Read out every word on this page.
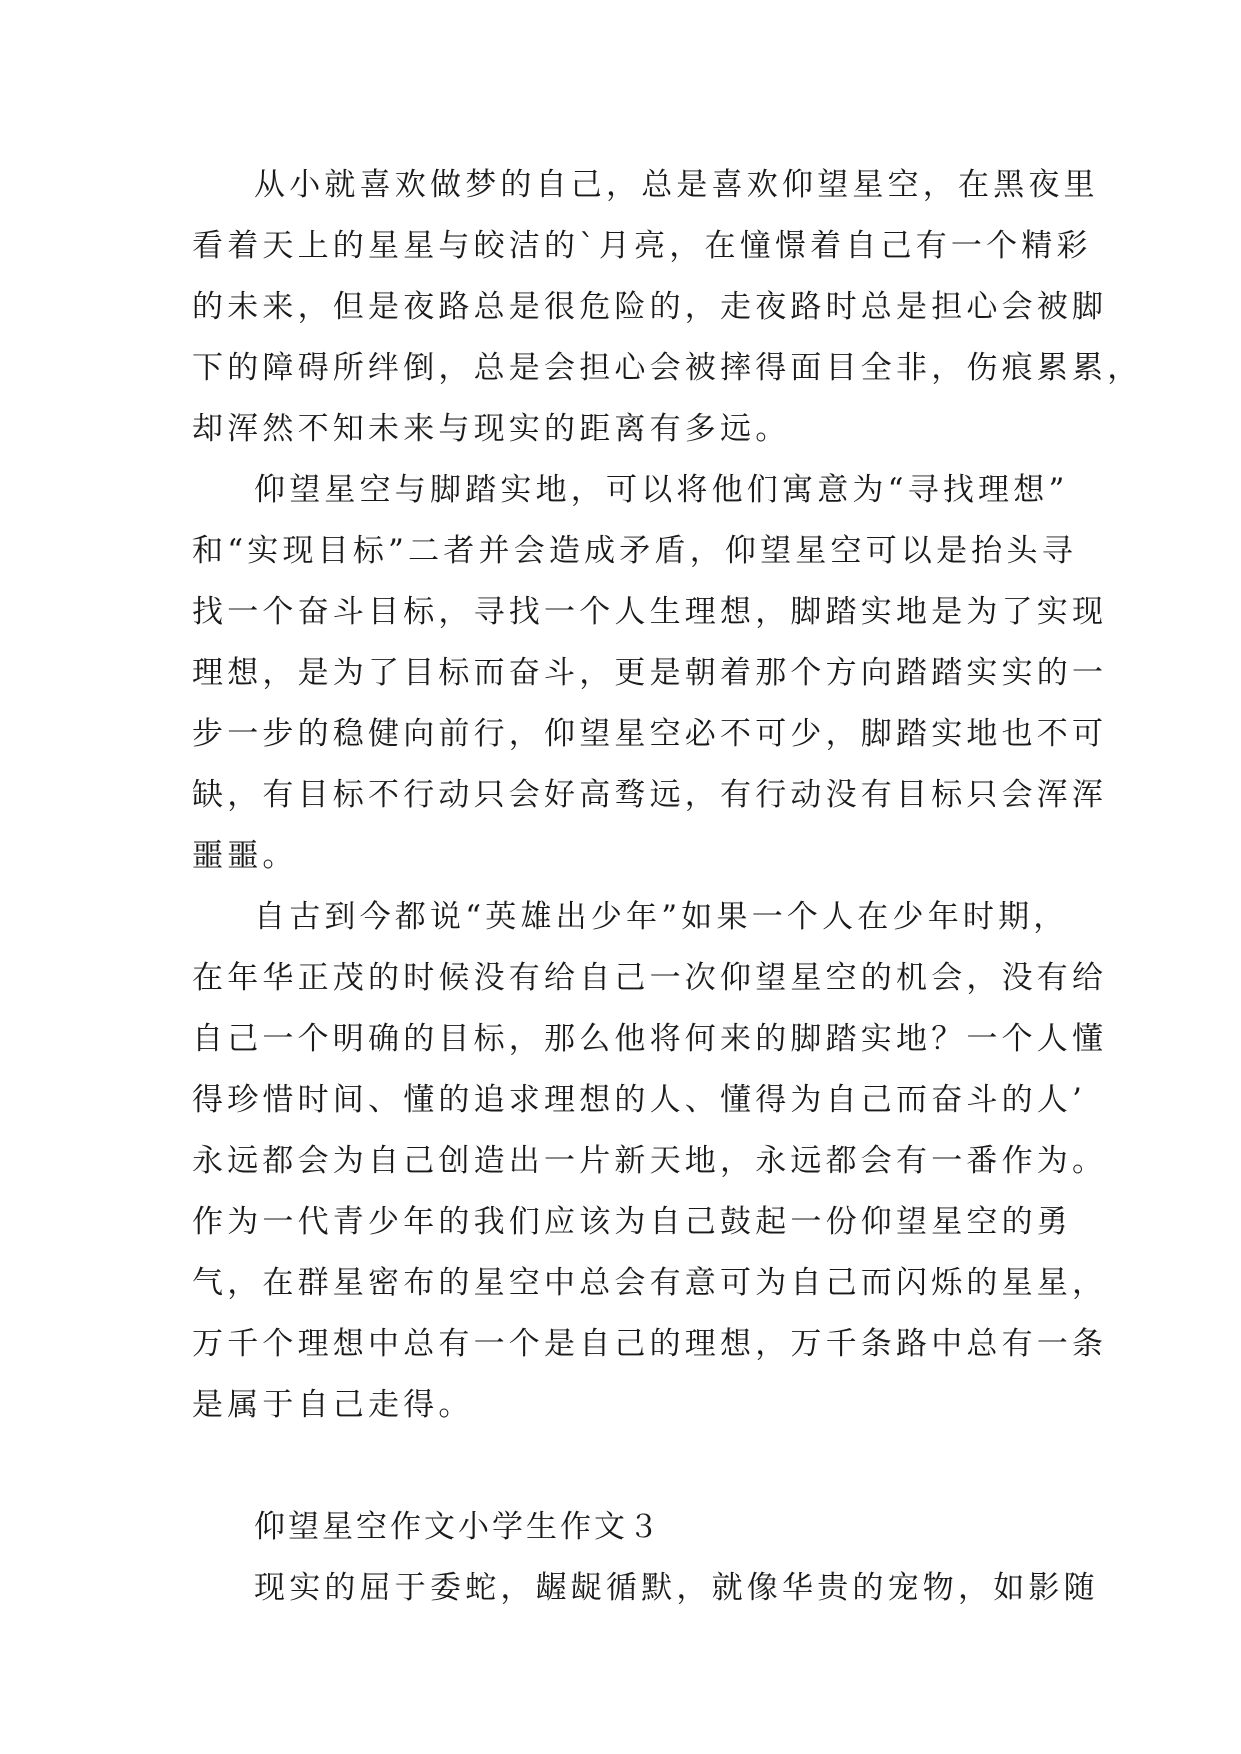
从小就喜欢做梦的自己，总是喜欢仰望星空，在黑夜里
看着天上的星星与皎洁的`月亮，在憧憬着自己有一个精彩
的未来，但是夜路总是很危险的，走夜路时总是担心会被脚
下的障碍所绊倒，总是会担心会被摔得面目全非，伤痕累累，
却浑然不知未来与现实的距离有多远。
仰望星空与脚踏实地，可以将他们寓意为“寻找理想”
和“实现目标”二者并会造成矛盾，仰望星空可以是抬头寻
找一个奋斗目标，寻找一个人生理想，脚踏实地是为了实现
理想，是为了目标而奋斗，更是朝着那个方向踏踏实实的一
步一步的稳健向前行，仰望星空必不可少，脚踏实地也不可
缺，有目标不行动只会好高骛远，有行动没有目标只会浑浑
噩噩。
自古到今都说“英雄出少年”如果一个人在少年时期，
在年华正茂的时候没有给自己一次仰望星空的机会，没有给
自己一个明确的目标，那么他将何来的脚踏实地？一个人懂
得珍惜时间、懂的追求理想的人、懂得为自己而奋斗的人’
永远都会为自己创造出一片新天地，永远都会有一番作为。
作为一代青少年的我们应该为自己鼓起一份仰望星空的勇
气，在群星密布的星空中总会有意可为自己而闪烁的星星，
万千个理想中总有一个是自己的理想，万千条路中总有一条
是属于自己走得。
仰望星空作文小学生作文３
现实的屈于委蛇，龌龊循默，就像华贵的宠物，如影随
